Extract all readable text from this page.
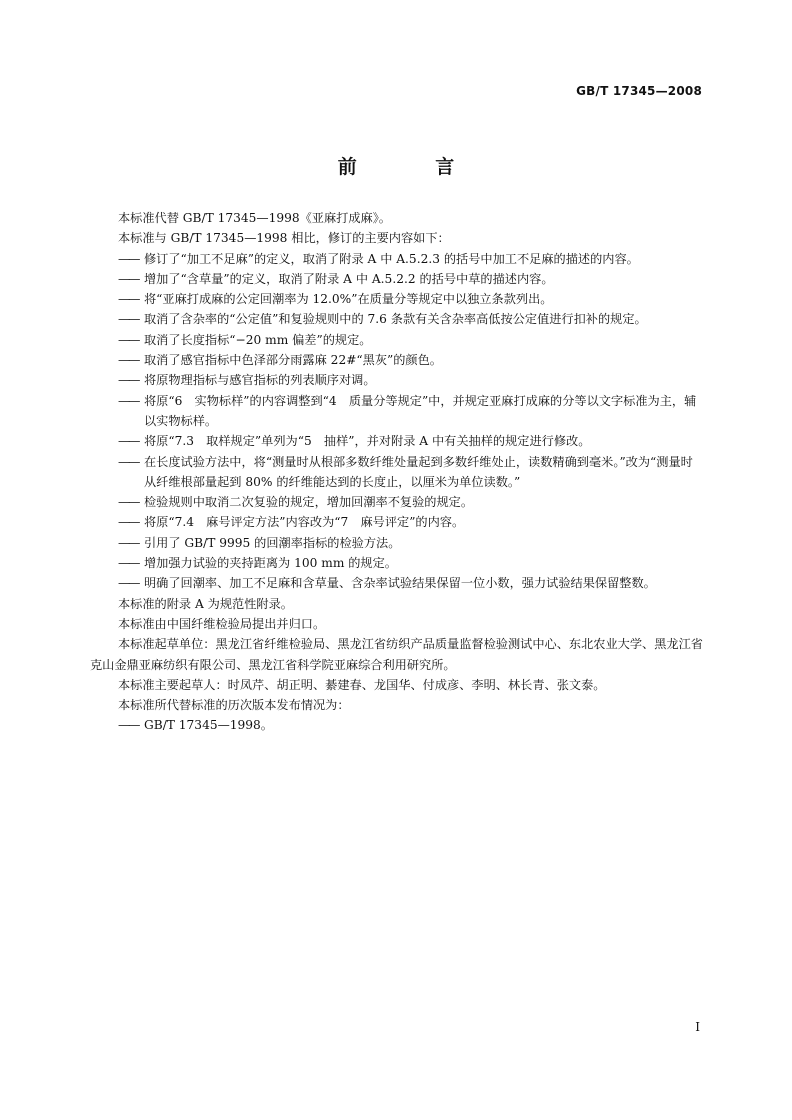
GB/T 17345—2008
前 言

本标准代替 GB/T 17345—1998《亚麻打成麻》。

本标准与 GB/T 17345—1998 相比，修订的主要内容如下：

—— 修订了“加工不足麻”的定义，取消了附录 A 中 A.5.2.3 的括号中加工不足麻的描述的内容。

—— 增加了“含草量”的定义，取消了附录 A 中 A.5.2.2 的括号中草的描述内容。

—— 将“亚麻打成麻的公定回潮率为 12.0%”在质量分等规定中以独立条款列出。

—— 取消了含杂率的“公定值”和复验规则中的 7.6 条款有关含杂率高低按公定值进行扣补的规定。

—— 取消了长度指标“−20 mm 偏差”的规定。

—— 取消了感官指标中色泽部分雨露麻 22#“黑灰”的颜色。

—— 将原物理指标与感官指标的列表顺序对调。

—— 将原“6　实物标样”的内容调整到“4　质量分等规定”中，并规定亚麻打成麻的分等以文字标准为主，辅以实物标样。

—— 将原“7.3　取样规定”单列为“5　抽样”，并对附录 A 中有关抽样的规定进行修改。

—— 在长度试验方法中，将“测量时从根部多数纤维处量起到多数纤维处止，读数精确到毫米。”改为“测量时从纤维根部量起到 80% 的纤维能达到的长度止，以厘米为单位读数。”

—— 检验规则中取消二次复验的规定，增加回潮率不复验的规定。

—— 将原“7.4　麻号评定方法”内容改为“7　麻号评定”的内容。

—— 引用了 GB/T 9995 的回潮率指标的检验方法。

—— 增加强力试验的夹持距离为 100 mm 的规定。

—— 明确了回潮率、加工不足麻和含草量、含杂率试验结果保留一位小数，强力试验结果保留整数。

本标准的附录 A 为规范性附录。

本标准由中国纤维检验局提出并归口。

本标准起草单位：黑龙江省纤维检验局、黑龙江省纺织产品质量监督检验测试中心、东北农业大学、黑龙江省克山金鼎亚麻纺织有限公司、黑龙江省科学院亚麻综合利用研究所。

本标准主要起草人：时凤芹、胡正明、綦建春、龙国华、付成彦、李明、林长青、张文泰。

本标准所代替标准的历次版本发布情况为：

—— GB/T 17345—1998。

I
